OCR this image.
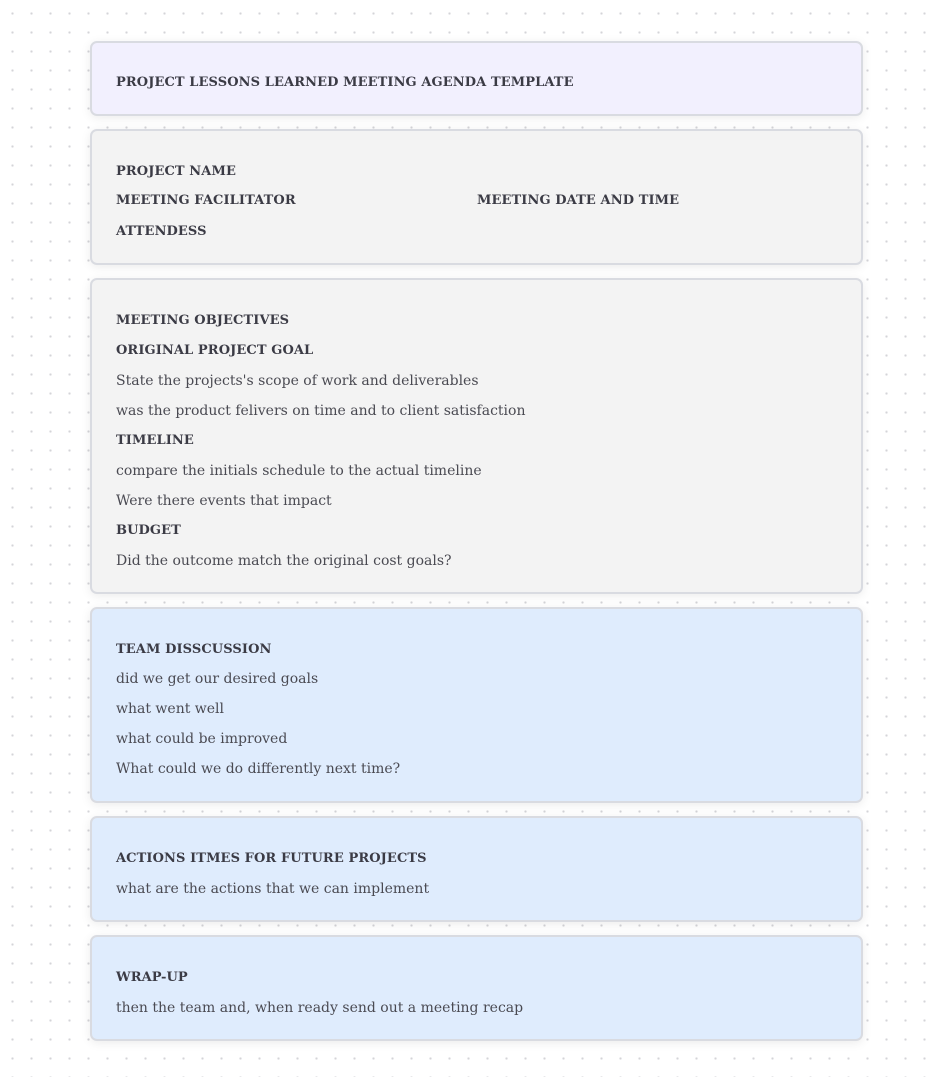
PROJECT LESSONS LEARNED MEETING AGENDA TEMPLATE
PROJECT NAME
MEETING FACILITATOR	MEETING DATE AND TIME
ATTENDESS
MEETING OBJECTIVES
ORIGINAL PROJECT GOAL
State the projects's scope of work and deliverables
was the product felivers on time and to client satisfaction
TIMELINE
compare the initials schedule to the actual timeline
Were there events that impact
BUDGET
Did the outcome match the original cost goals?
TEAM DISSCUSSION
did we get our desired goals
what went well
what could be improved
What could we do differently next time?
ACTIONS ITMES FOR FUTURE PROJECTS
what are the actions that we can implement
WRAP-UP
then the team and, when ready send out a meeting recap
